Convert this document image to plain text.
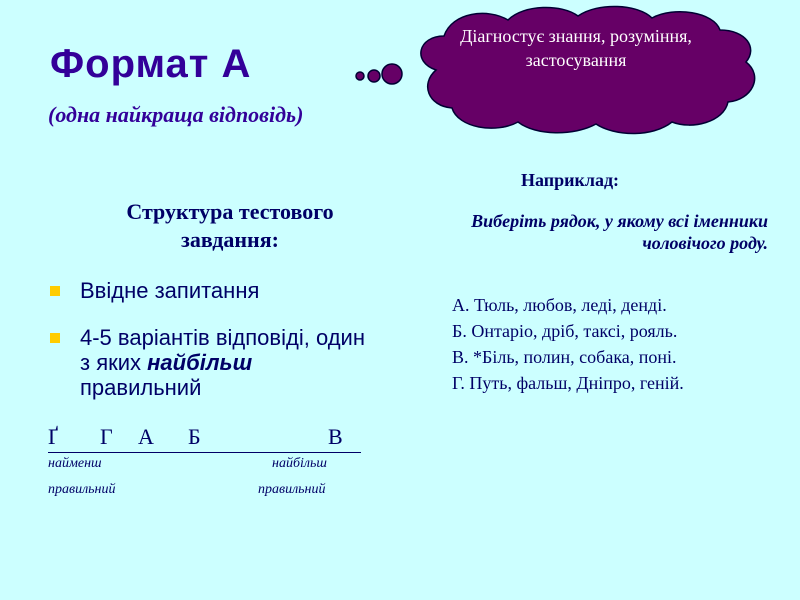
Формат А
(одна найкраща відповідь)
Діагностує знання, розуміння, застосування
Структура тестового завдання:
Ввідне запитання
4-5 варіантів відповіді, один з яких найбільш правильний
Ґ Г А Б	В
найменш
правильний
найбільш
правильний
Наприклад:
Виберіть рядок, у якому всі іменники чоловічого роду.
А. Тюль, любов, леді, денді.
Б. Онтаріо, дріб, таксі, рояль.
В. *Біль, полин, собака, поні.
Г. Путь, фальш, Дніпро, геній.
